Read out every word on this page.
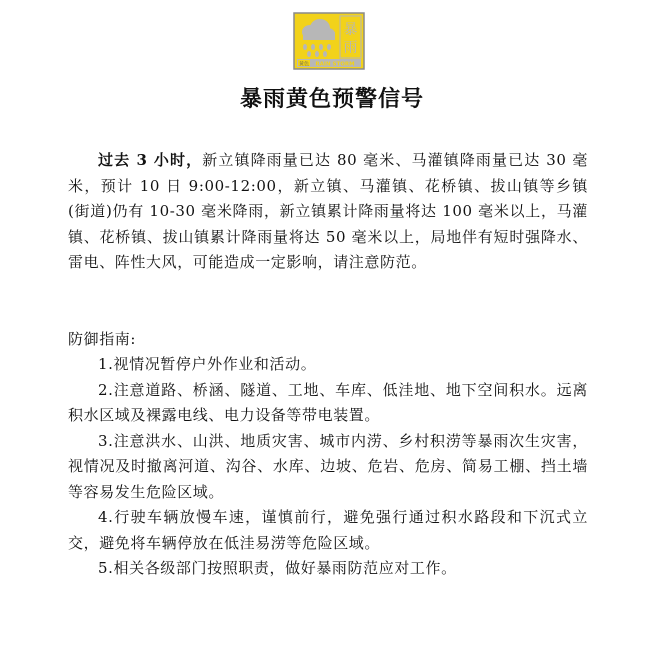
暴
雨
黄色 RAIN STORM
暴雨黄色预警信号

过去 3 小时，新立镇降雨量已达 80 毫米、马灌镇降雨量已达 30 毫米，预计 10 日 9:00-12:00，新立镇、马灌镇、花桥镇、拔山镇等乡镇(街道)仍有 10-30 毫米降雨，新立镇累计降雨量将达 100 毫米以上，马灌镇、花桥镇、拔山镇累计降雨量将达 50 毫米以上，局地伴有短时强降水、雷电、阵性大风，可能造成一定影响，请注意防范。

防御指南:

1.视情况暂停户外作业和活动。

2.注意道路、桥涵、隧道、工地、车库、低洼地、地下空间积水。远离积水区域及裸露电线、电力设备等带电装置。

3.注意洪水、山洪、地质灾害、城市内涝、乡村积涝等暴雨次生灾害，视情况及时撤离河道、沟谷、水库、边坡、危岩、危房、简易工棚、挡土墙等容易发生危险区域。

4.行驶车辆放慢车速，谨慎前行，避免强行通过积水路段和下沉式立交，避免将车辆停放在低洼易涝等危险区域。

5.相关各级部门按照职责，做好暴雨防范应对工作。
